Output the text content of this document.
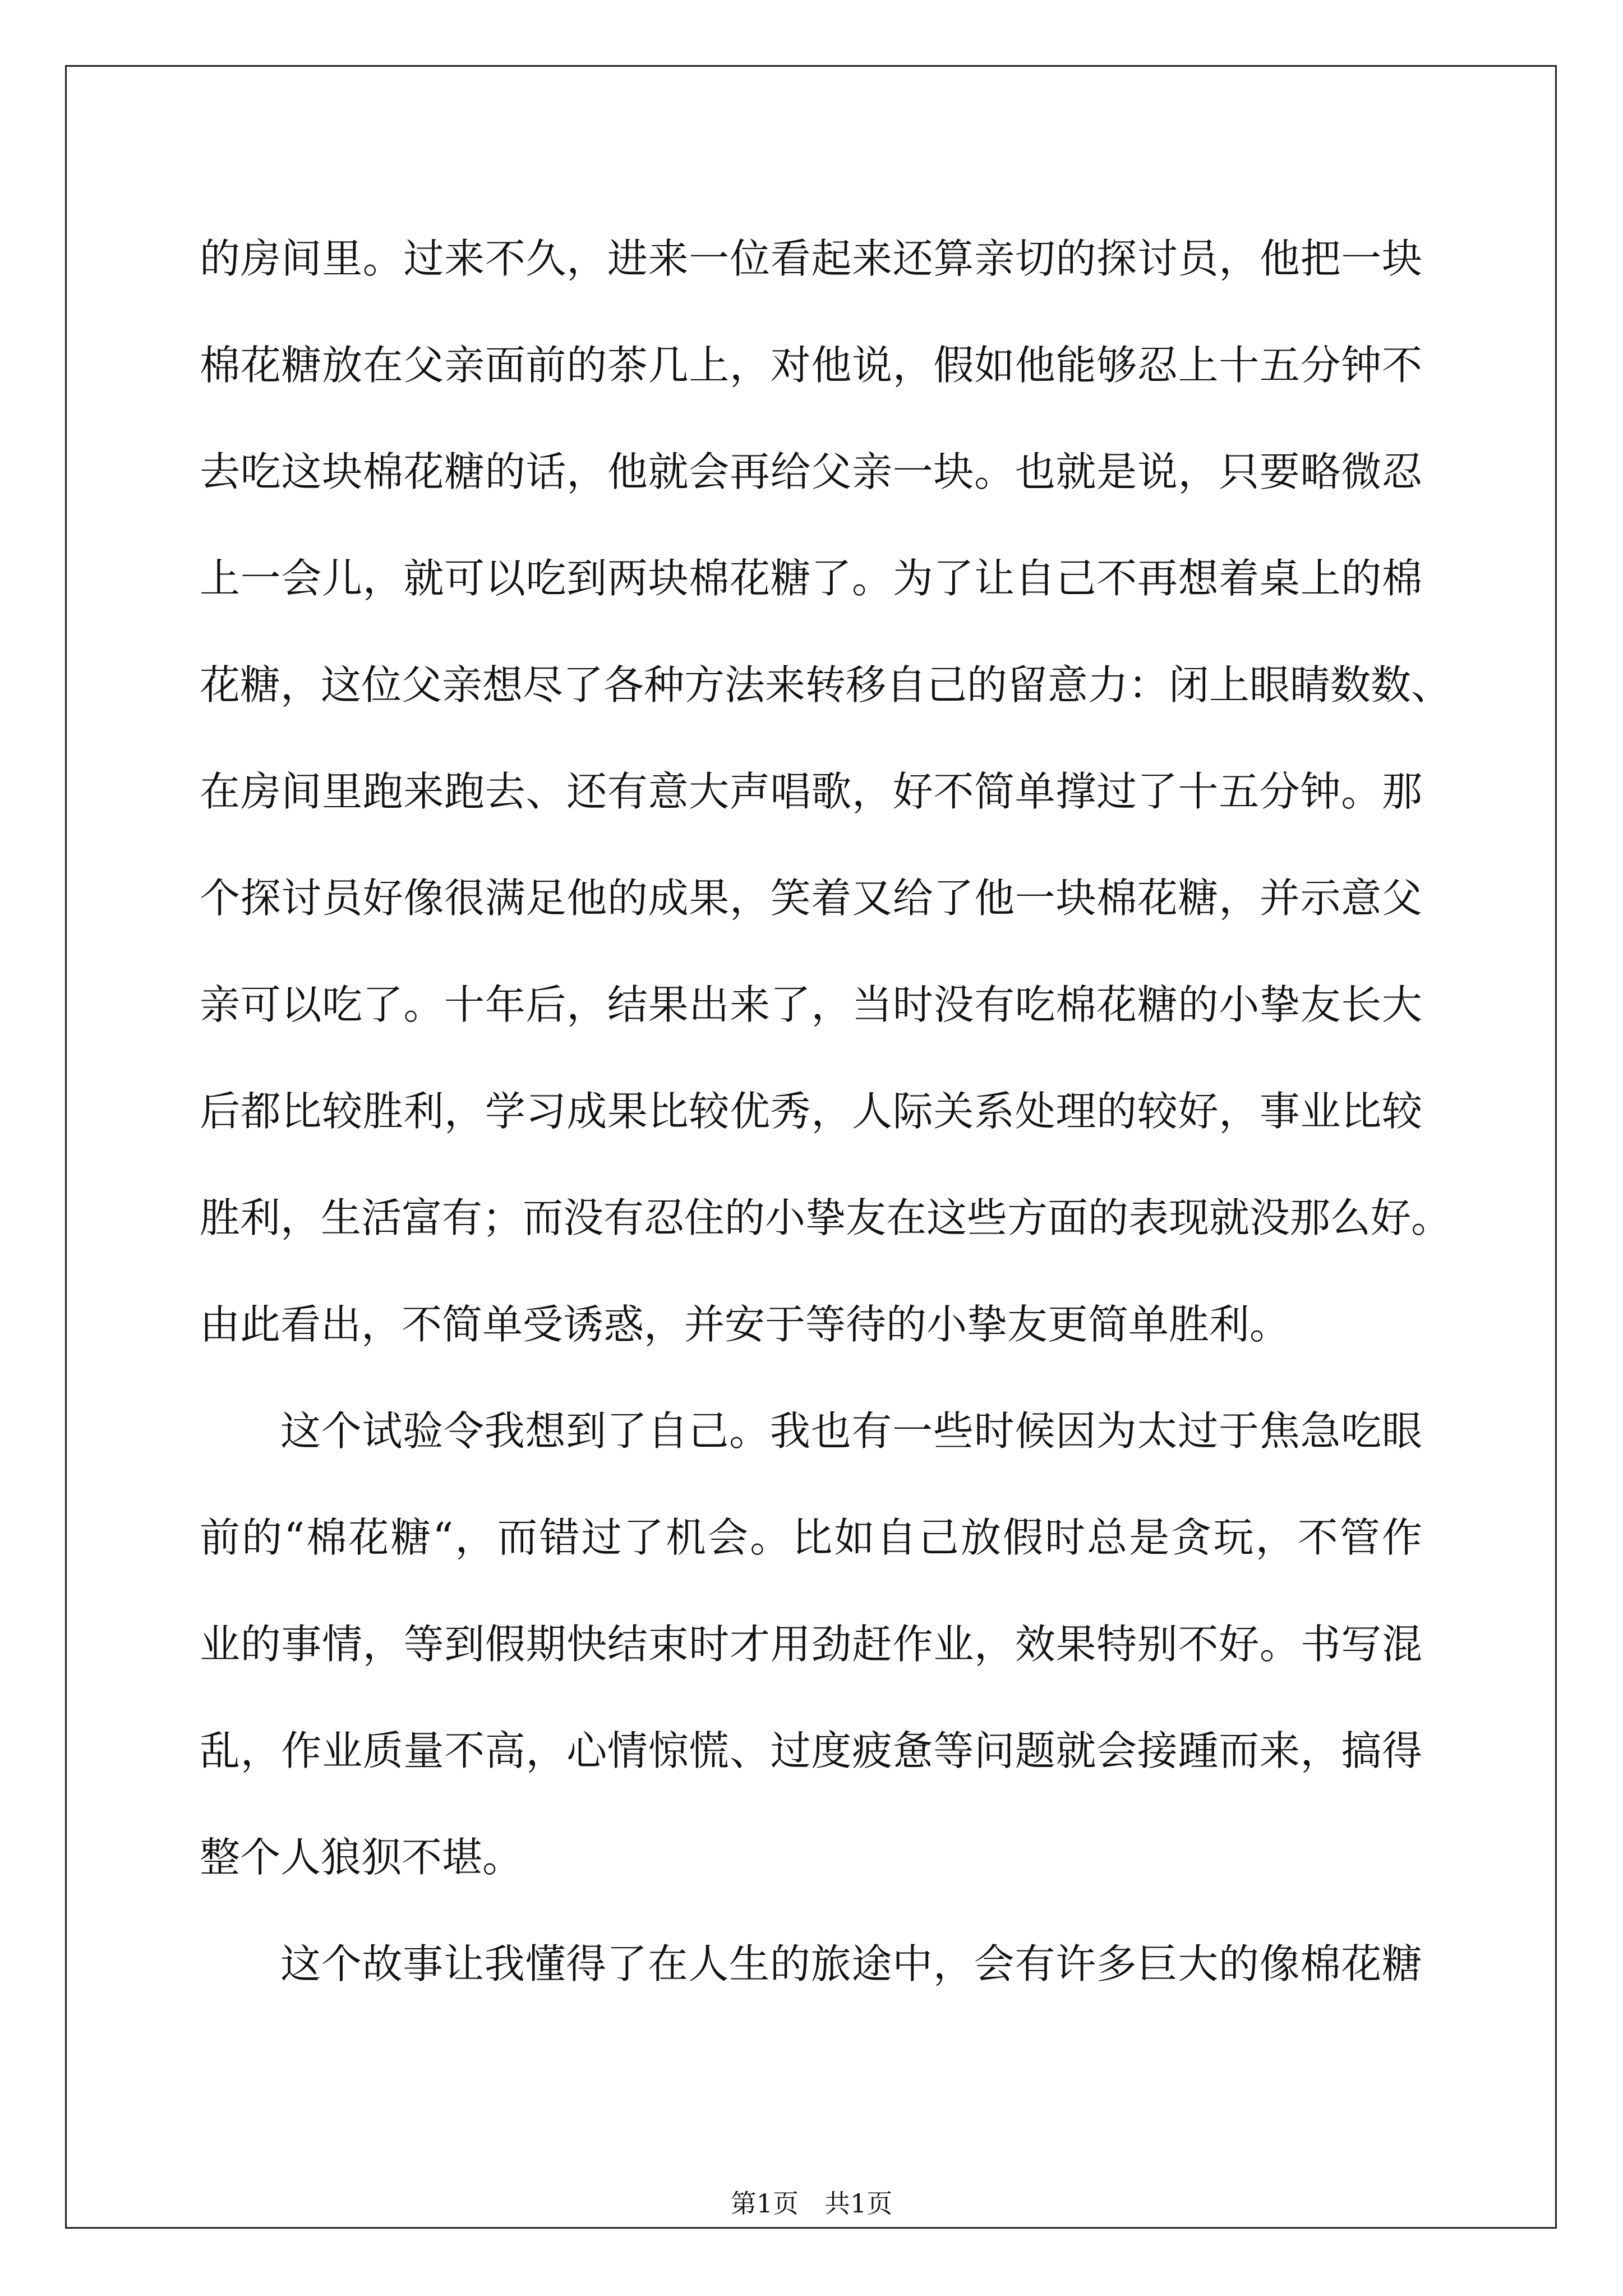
的房间里。过来不久，进来一位看起来还算亲切的探讨员，他把一块
棉花糖放在父亲面前的茶几上，对他说，假如他能够忍上十五分钟不
去吃这块棉花糖的话，他就会再给父亲一块。也就是说，只要略微忍
上一会儿，就可以吃到两块棉花糖了。为了让自己不再想着桌上的棉
花糖，这位父亲想尽了各种方法来转移自己的留意力：闭上眼睛数数、
在房间里跑来跑去、还有意大声唱歌，好不简单撑过了十五分钟。那
个探讨员好像很满足他的成果，笑着又给了他一块棉花糖，并示意父
亲可以吃了。十年后，结果出来了，当时没有吃棉花糖的小挚友长大
后都比较胜利，学习成果比较优秀，人际关系处理的较好，事业比较
胜利，生活富有；而没有忍住的小挚友在这些方面的表现就没那么好。
由此看出，不简单受诱惑，并安于等待的小挚友更简单胜利。
这个试验令我想到了自己。我也有一些时候因为太过于焦急吃眼
前的“棉花糖“，而错过了机会。比如自己放假时总是贪玩，不管作
业的事情，等到假期快结束时才用劲赶作业，效果特别不好。书写混
乱，作业质量不高，心情惊慌、过度疲惫等问题就会接踵而来，搞得
整个人狼狈不堪。
这个故事让我懂得了在人生的旅途中，会有许多巨大的像棉花糖
第1页　共1页
